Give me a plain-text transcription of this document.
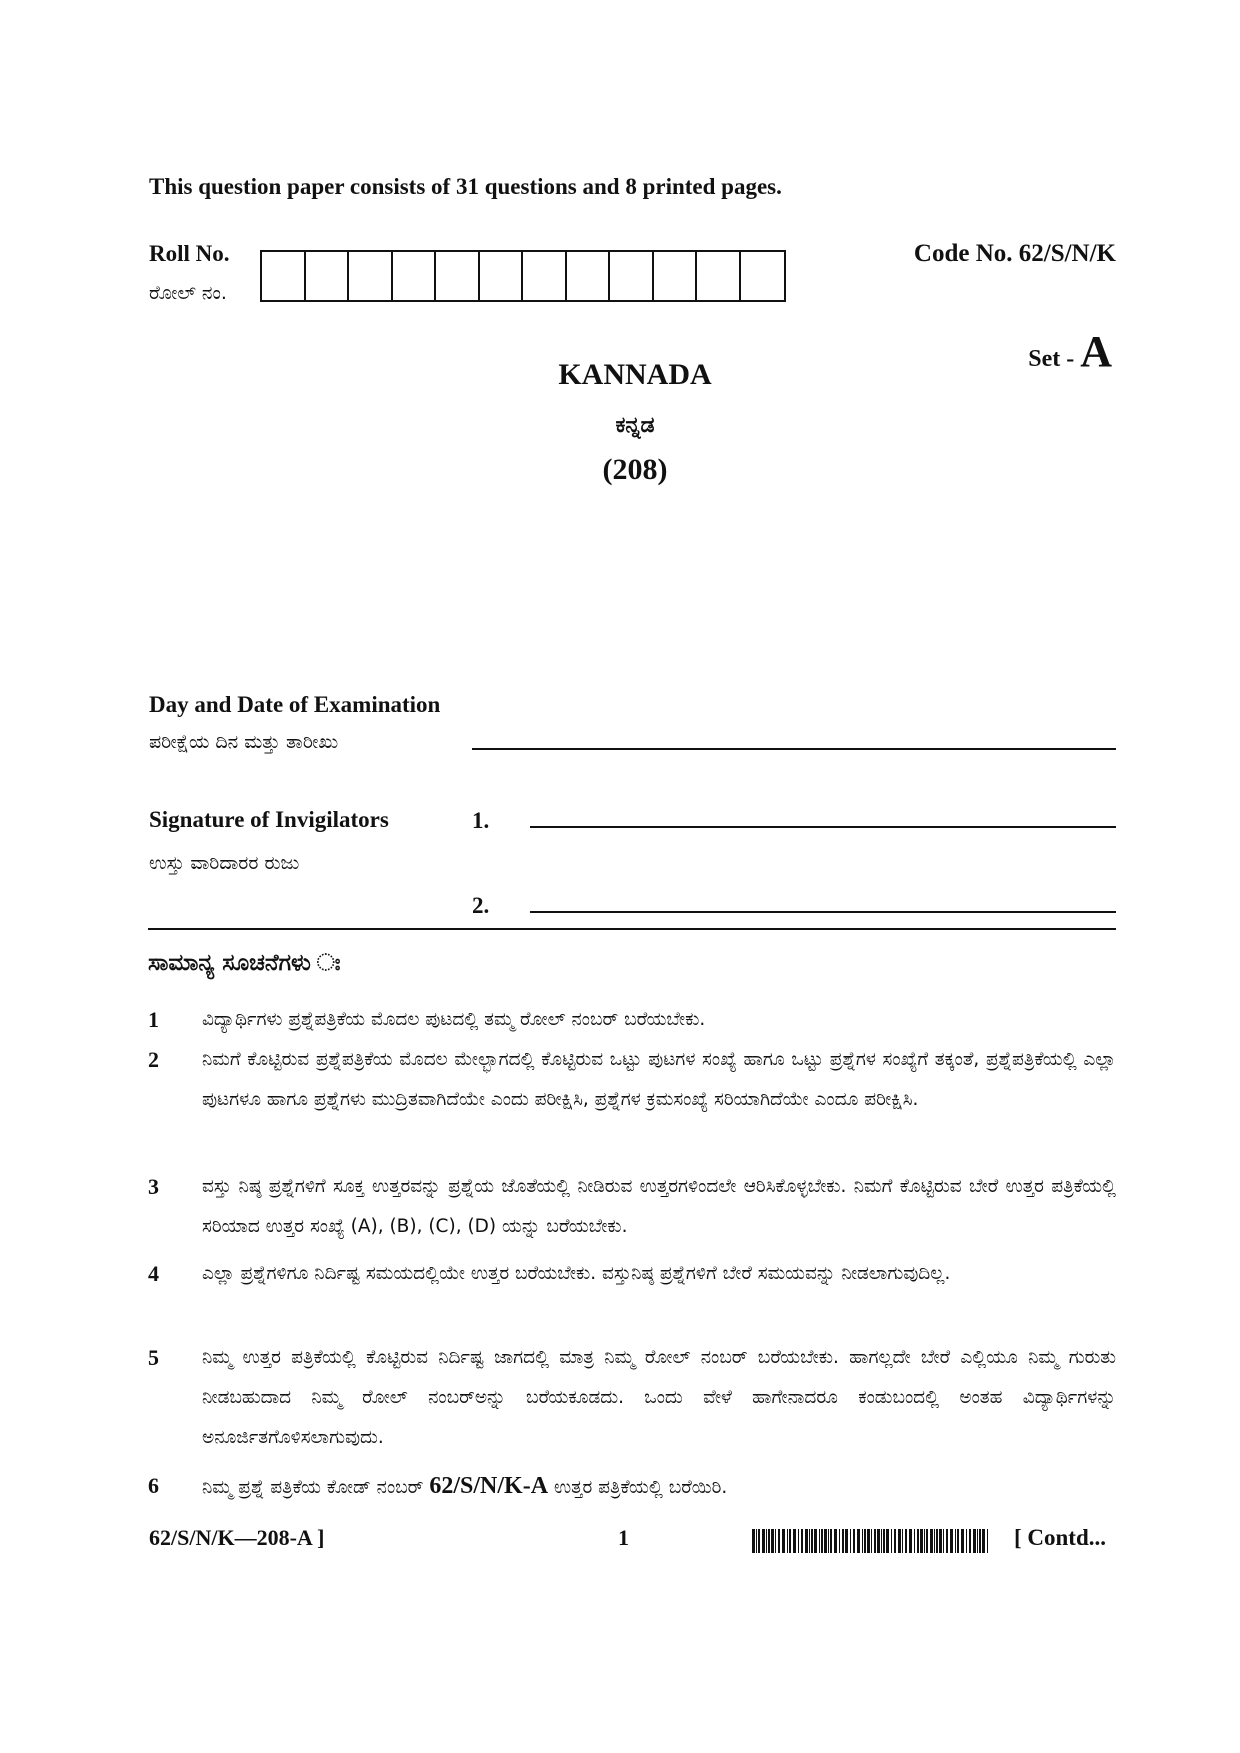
This question paper consists of 31 questions and 8 printed pages.
Roll No.
ರೋಲ್ ನಂ.
Code No. 62/S/N/K
Set - A
KANNADA
ಕನ್ನಡ
(208)
Day and Date of Examination
ಪರೀಕ್ಷೆಯ ದಿನ ಮತ್ತು ತಾರೀಖು
Signature of Invigilators
ಉಸ್ತು ವಾರಿದಾರರ ರುಜು
1.
2.
ಸಾಮಾನ್ಯ ಸೂಚನೆಗಳು ಃ
1	ವಿದ್ಯಾರ್ಥಿಗಳು ಪ್ರಶ್ನೆಪತ್ರಿಕೆಯ ಮೊದಲ ಪುಟದಲ್ಲಿ ತಮ್ಮ ರೋಲ್ ನಂಬರ್ ಬರೆಯಬೇಕು.
2	ನಿಮಗೆ ಕೊಟ್ಟಿರುವ ಪ್ರಶ್ನೆಪತ್ರಿಕೆಯ ಮೊದಲ ಮೇಲ್ಭಾಗದಲ್ಲಿ ಕೊಟ್ಟಿರುವ ಒಟ್ಟು ಪುಟಗಳ ಸಂಖ್ಯೆ ಹಾಗೂ ಒಟ್ಟು ಪ್ರಶ್ನೆಗಳ ಸಂಖ್ಯೆಗೆ ತಕ್ಕಂತೆ, ಪ್ರಶ್ನೆಪತ್ರಿಕೆಯಲ್ಲಿ ಎಲ್ಲಾ ಪುಟಗಳೂ ಹಾಗೂ ಪ್ರಶ್ನೆಗಳು ಮುದ್ರಿತವಾಗಿದೆಯೇ ಎಂದು ಪರೀಕ್ಷಿಸಿ, ಪ್ರಶ್ನೆಗಳ ಕ್ರಮಸಂಖ್ಯೆ ಸರಿಯಾಗಿದೆಯೇ ಎಂದೂ ಪರೀಕ್ಷಿಸಿ.
3	ವಸ್ತು ನಿಷ್ಠ ಪ್ರಶ್ನೆಗಳಿಗೆ ಸೂಕ್ತ ಉತ್ತರವನ್ನು ಪ್ರಶ್ನೆಯ ಜೊತೆಯಲ್ಲಿ ನೀಡಿರುವ ಉತ್ತರಗಳಿಂದಲೇ ಆರಿಸಿಕೊಳ್ಳಬೇಕು. ನಿಮಗೆ ಕೊಟ್ಟಿರುವ ಬೇರೆ ಉತ್ತರ ಪತ್ರಿಕೆಯಲ್ಲಿ ಸರಿಯಾದ ಉತ್ತರ ಸಂಖ್ಯೆ (A), (B), (C), (D) ಯನ್ನು ಬರೆಯಬೇಕು.
4	ಎಲ್ಲಾ ಪ್ರಶ್ನೆಗಳಿಗೂ ನಿರ್ದಿಷ್ಟ ಸಮಯದಲ್ಲಿಯೇ ಉತ್ತರ ಬರೆಯಬೇಕು. ವಸ್ತುನಿಷ್ಠ ಪ್ರಶ್ನೆಗಳಿಗೆ ಬೇರೆ ಸಮಯವನ್ನು ನೀಡಲಾಗುವುದಿಲ್ಲ.
5	ನಿಮ್ಮ ಉತ್ತರ ಪತ್ರಿಕೆಯಲ್ಲಿ ಕೊಟ್ಟಿರುವ ನಿರ್ದಿಷ್ಟ ಜಾಗದಲ್ಲಿ ಮಾತ್ರ ನಿಮ್ಮ ರೋಲ್ ನಂಬರ್ ಬರೆಯಬೇಕು. ಹಾಗಲ್ಲದೇ ಬೇರೆ ಎಲ್ಲಿಯೂ ನಿಮ್ಮ ಗುರುತು ನೀಡಬಹುದಾದ ನಿಮ್ಮ ರೋಲ್ ನಂಬರ್‌ಅನ್ನು ಬರೆಯಕೂಡದು. ಒಂದು ವೇಳೆ ಹಾಗೇನಾದರೂ ಕಂಡುಬಂದಲ್ಲಿ ಅಂತಹ ವಿದ್ಯಾರ್ಥಿಗಳನ್ನು ಅನೂರ್ಜಿತಗೊಳಿಸಲಾಗುವುದು.
6	ನಿಮ್ಮ ಪ್ರಶ್ನೆ ಪತ್ರಿಕೆಯ ಕೋಡ್ ನಂಬರ್ 62/S/N/K-A ಉತ್ತರ ಪತ್ರಿಕೆಯಲ್ಲಿ ಬರೆಯಿರಿ.
62/S/N/K—208-A ]	1	[ Contd...
